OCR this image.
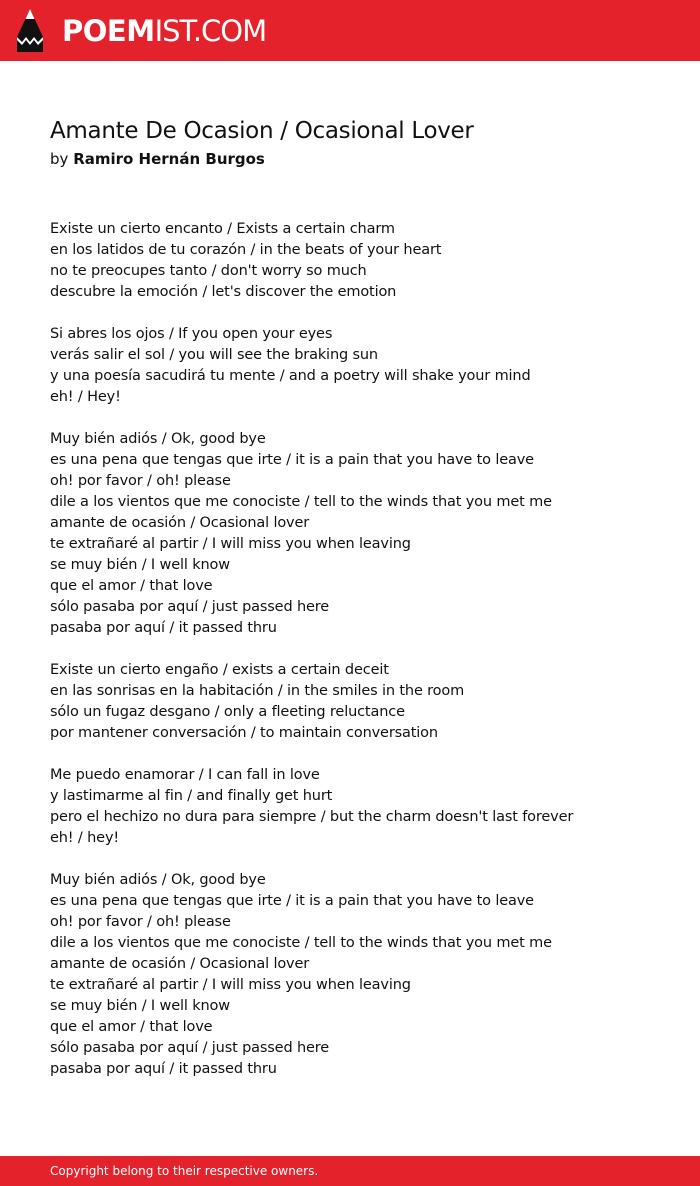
POEMIST.COM
Amante De Ocasion / Ocasional Lover

by Ramiro Hernán Burgos

Existe un cierto encanto / Exists a certain charm
en los latidos de tu corazón / in the beats of your heart
no te preocupes tanto / don't worry so much
descubre la emoción / let's discover the emotion
Si abres los ojos / If you open your eyes
verás salir el sol / you will see the braking sun
y una poesía sacudirá tu mente / and a poetry will shake your mind
eh! / Hey!
Muy bién adiós / Ok, good bye
es una pena que tengas que irte / it is a pain that you have to leave
oh! por favor / oh! please
dile a los vientos que me conociste / tell to the winds that you met me
amante de ocasión / Ocasional lover
te extrañaré al partir / I will miss you when leaving
se muy bién / I well know
que el amor / that love
sólo pasaba por aquí / just passed here
pasaba por aquí / it passed thru
Existe un cierto engaño / exists a certain deceit
en las sonrisas en la habitación / in the smiles in the room
sólo un fugaz desgano / only a fleeting reluctance
por mantener conversación / to maintain conversation
Me puedo enamorar / I can fall in love
y lastimarme al fin / and finally get hurt
pero el hechizo no dura para siempre / but the charm doesn't last forever
eh! / hey!
Muy bién adiós / Ok, good bye
es una pena que tengas que irte / it is a pain that you have to leave
oh! por favor / oh! please
dile a los vientos que me conociste / tell to the winds that you met me
amante de ocasión / Ocasional lover
te extrañaré al partir / I will miss you when leaving
se muy bién / I well know
que el amor / that love
sólo pasaba por aquí / just passed here
pasaba por aquí / it passed thru
Copyright belong to their respective owners.
